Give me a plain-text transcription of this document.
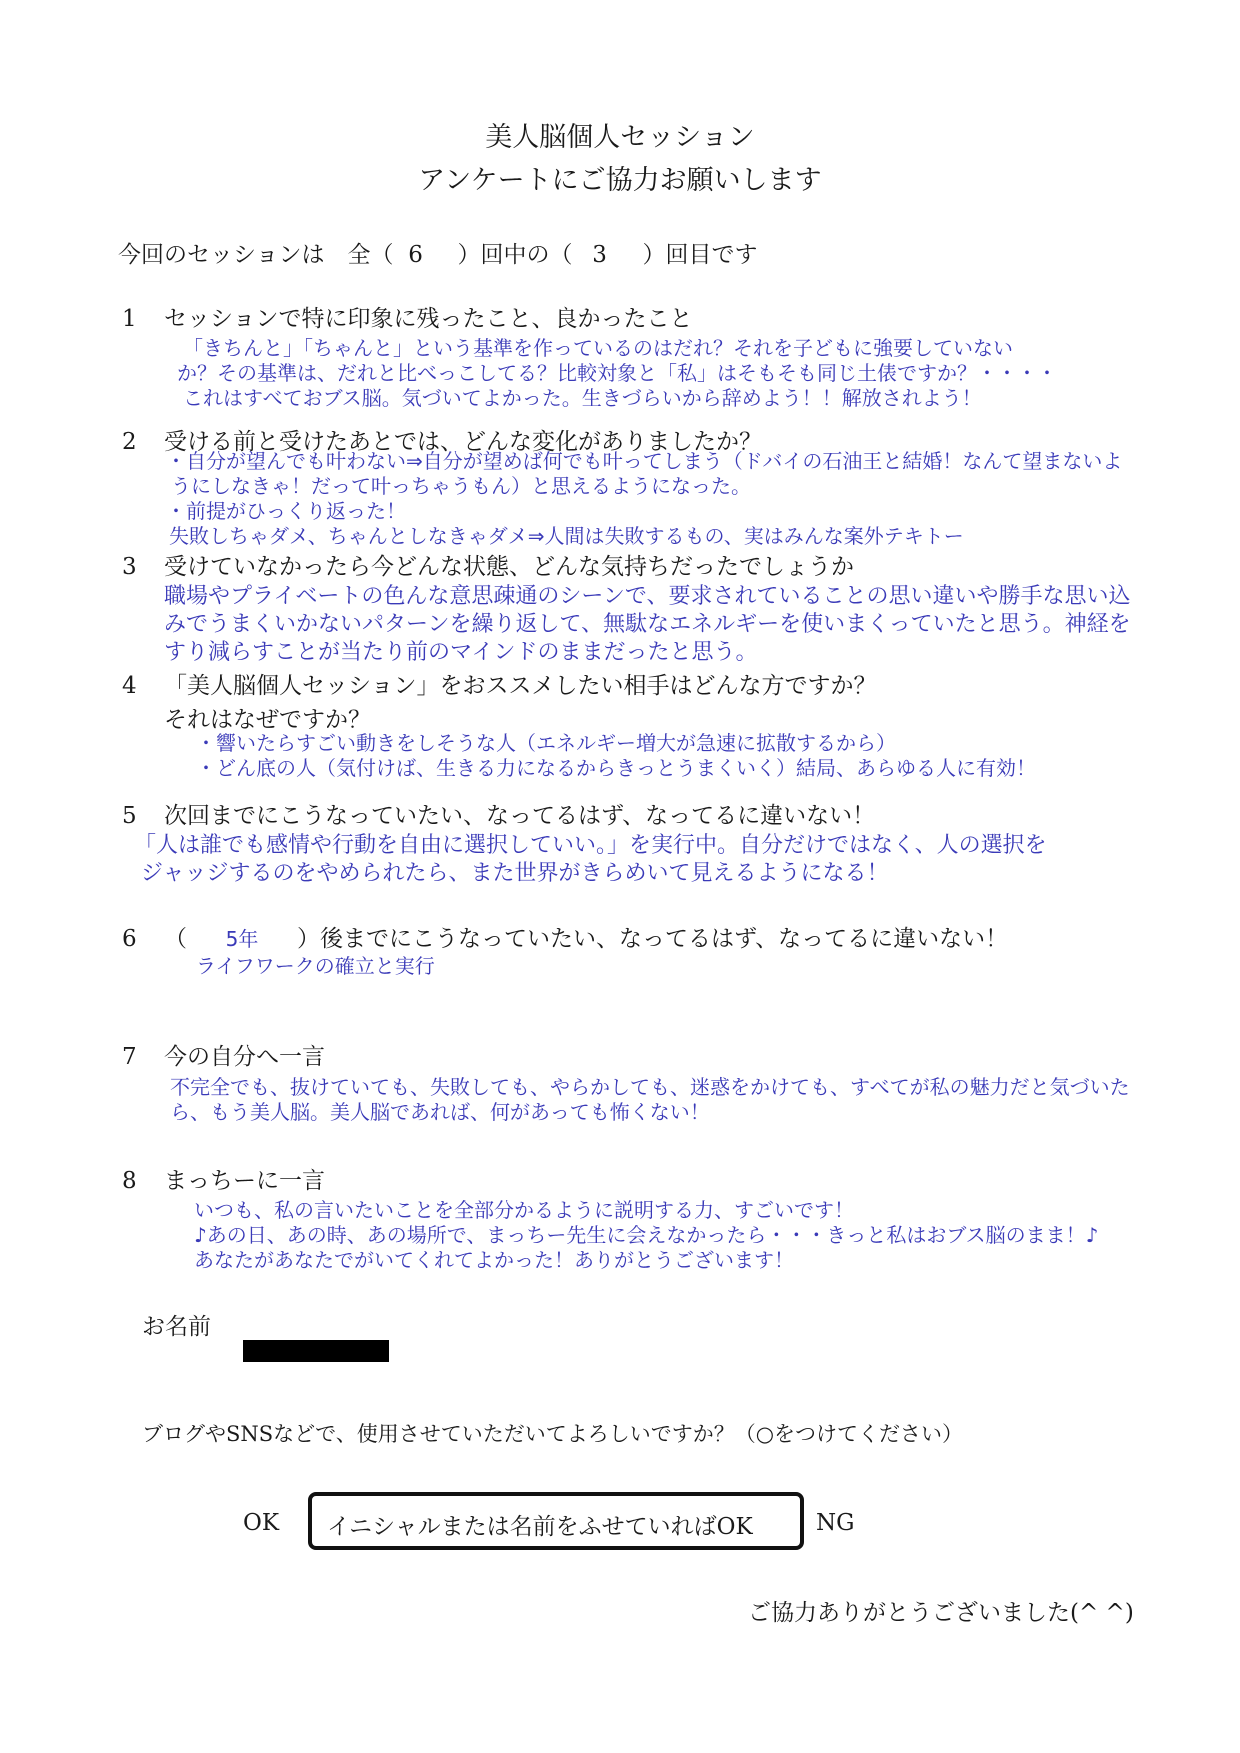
美人脳個人セッション
アンケートにご協力お願いします
今回のセッションは　全（ 6 ）回中の（ 3 ）回目です
1 セッションで特に印象に残ったこと、良かったこと
「きちんと」「ちゃんと」という基準を作っているのはだれ？それを子どもに強要していない
か？その基準は、だれと比べっこしてる？比較対象と「私」はそもそも同じ土俵ですか？・・・・
これはすべておブス脳。気づいてよかった。生きづらいから辞めよう！！解放されよう！
2 受ける前と受けたあとでは、どんな変化がありましたか？
・自分が望んでも叶わない⇒自分が望めば何でも叶ってしまう（ドバイの石油王と結婚！なんて望まないよ
うにしなきゃ！だって叶っちゃうもん）と思えるようになった。
・前提がひっくり返った！
失敗しちゃダメ、ちゃんとしなきゃダメ⇒人間は失敗するもの、実はみんな案外テキトー
3 受けていなかったら今どんな状態、どんな気持ちだったでしょうか
職場やプライベートの色んな意思疎通のシーンで、要求されていることの思い違いや勝手な思い込
みでうまくいかないパターンを繰り返して、無駄なエネルギーを使いまくっていたと思う。神経を
すり減らすことが当たり前のマインドのままだったと思う。
4 「美人脳個人セッション」をおススメしたい相手はどんな方ですか？
それはなぜですか？
・響いたらすごい動きをしそうな人（エネルギー増大が急速に拡散するから）
・どん底の人（気付けば、生きる力になるからきっとうまくいく）結局、あらゆる人に有効！
5 次回までにこうなっていたい、なってるはず、なってるに違いない！
「人は誰でも感情や行動を自由に選択していい。」を実行中。自分だけではなく、人の選択を
ジャッジするのをやめられたら、また世界がきらめいて見えるようになる！
6 （ 5年 ）後までにこうなっていたい、なってるはず、なってるに違いない！
ライフワークの確立と実行
7 今の自分へ一言
不完全でも、抜けていても、失敗しても、やらかしても、迷惑をかけても、すべてが私の魅力だと気づいた
ら、もう美人脳。美人脳であれば、何があっても怖くない！
8 まっちーに一言
いつも、私の言いたいことを全部分かるように説明する力、すごいです！
♪あの日、あの時、あの場所で、まっちー先生に会えなかったら・・・きっと私はおブス脳のまま！♪
あなたがあなたでがいてくれてよかった！ありがとうございます！
お名前
ブログやSNSなどで、使用させていただいてよろしいですか？（○をつけてください）
OK イニシャルまたは名前をふせていればOK	NG
ご協力ありがとうございました(^ ^)
